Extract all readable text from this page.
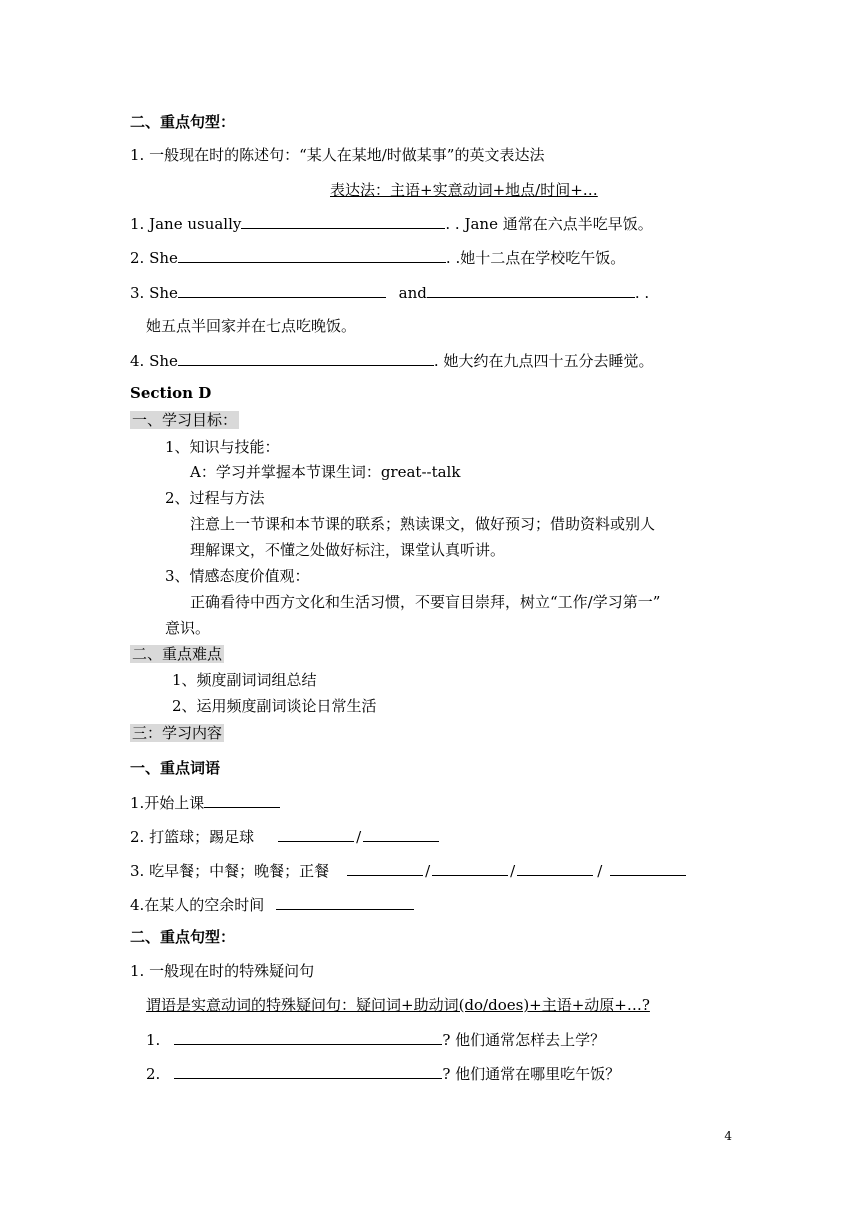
二、重点句型：
1. 一般现在时的陈述句：“某人在某地/时做某事”的英文表达法
表达法：主语+实意动词+地点/时间+…
1. Jane usually	. . Jane 通常在六点半吃早饭。
2. She	. .她十二点在学校吃午饭。
3. She	and	. .
她五点半回家并在七点吃晚饭。
4. She	. 她大约在九点四十五分去睡觉。
Section D
一、学习目标：
1、知识与技能：
A：学习并掌握本节课生词：great--talk
2、过程与方法
注意上一节课和本节课的联系；熟读课文，做好预习；借助资料或别人
理解课文，不懂之处做好标注，课堂认真听讲。
3、情感态度价值观：
正确看待中西方文化和生活习惯，不要盲目崇拜，树立“工作/学习第一”
意识。
二、重点难点
1、频度副词词组总结
2、运用频度副词谈论日常生活
三：学习内容
一、重点词语
1.开始上课
2. 打篮球；踢足球	/
3. 吃早餐；中餐；晚餐；正餐	/	/	/
4.在某人的空余时间
二、重点句型：
1. 一般现在时的特殊疑问句
谓语是实意动词的特殊疑问句：疑问词+助动词(do/does)+主语+动原+…?
1.	? 他们通常怎样去上学？
2.	? 他们通常在哪里吃午饭？
4
